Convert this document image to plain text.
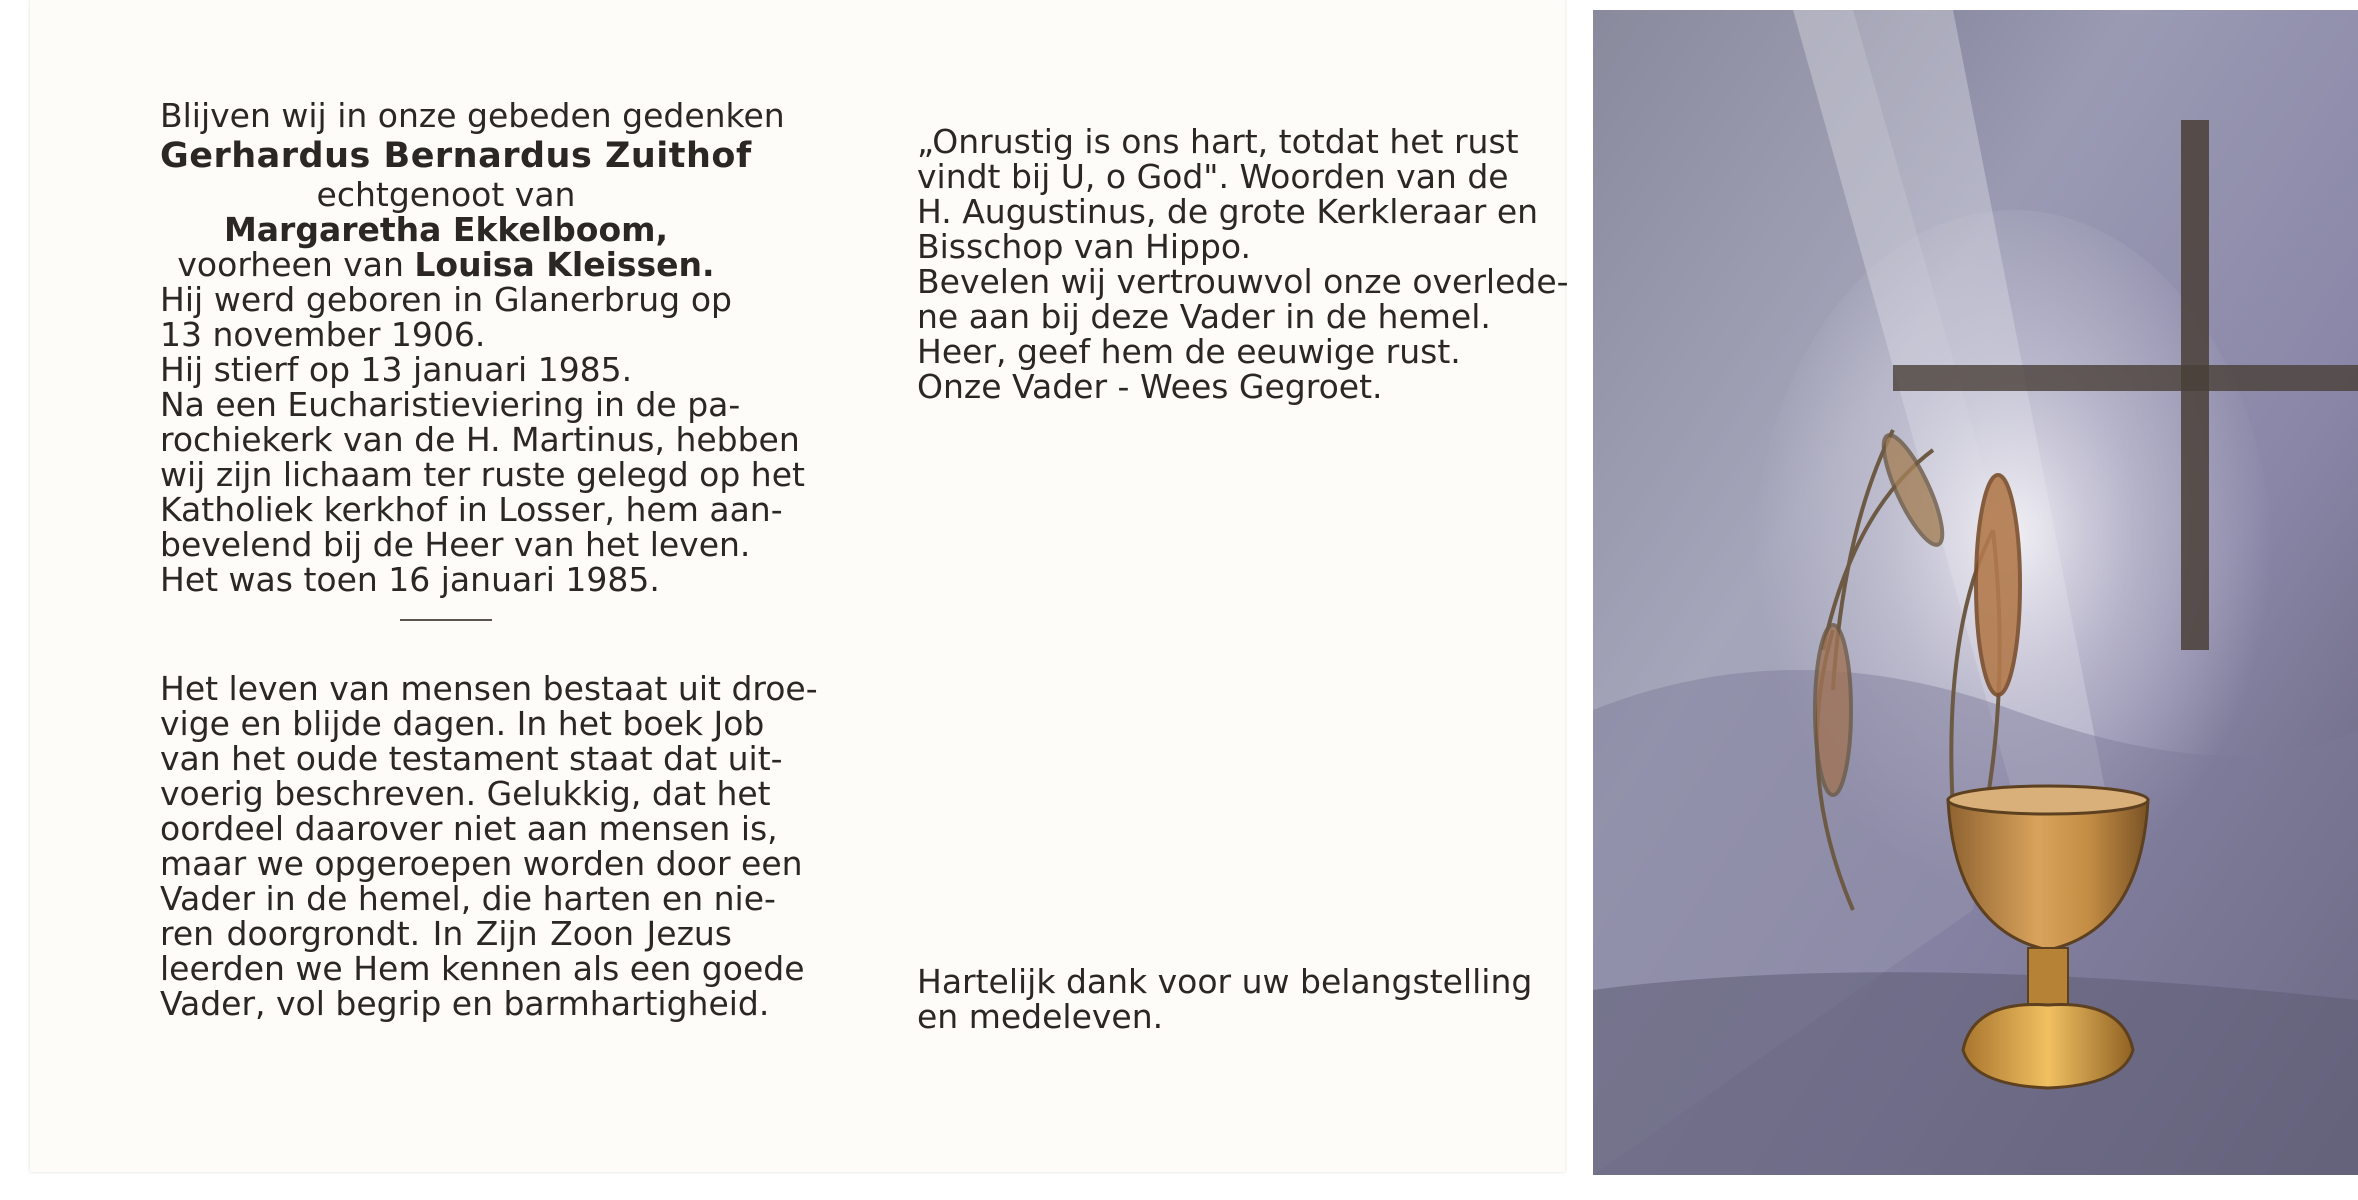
Blijven wij in onze gebeden gedenken
Gerhardus Bernardus Zuithof
echtgenoot van
Margaretha Ekkelboom,
voorheen van Louisa Kleissen.
Hij werd geboren in Glanerbrug op
13 november 1906.
Hij stierf op 13 januari 1985.
Na een Eucharistieviering in de pa-
rochiekerk van de H. Martinus, hebben
wij zijn lichaam ter ruste gelegd op het
Katholiek kerkhof in Losser, hem aan-
bevelend bij de Heer van het leven.
Het was toen 16 januari 1985.
Het leven van mensen bestaat uit droe-
vige en blijde dagen. In het boek Job
van het oude testament staat dat uit-
voerig beschreven. Gelukkig, dat het
oordeel daarover niet aan mensen is,
maar we opgeroepen worden door een
Vader in de hemel, die harten en nie-
ren doorgrondt. In Zijn Zoon Jezus
leerden we Hem kennen als een goede
Vader, vol begrip en barmhartigheid.
„Onrustig is ons hart, totdat het rust
vindt bij U, o God". Woorden van de
H. Augustinus, de grote Kerkleraar en
Bisschop van Hippo.
Bevelen wij vertrouwvol onze overlede-
ne aan bij deze Vader in de hemel.
Heer, geef hem de eeuwige rust.
Onze Vader - Wees Gegroet.
Hartelijk dank voor uw belangstelling
en medeleven.
